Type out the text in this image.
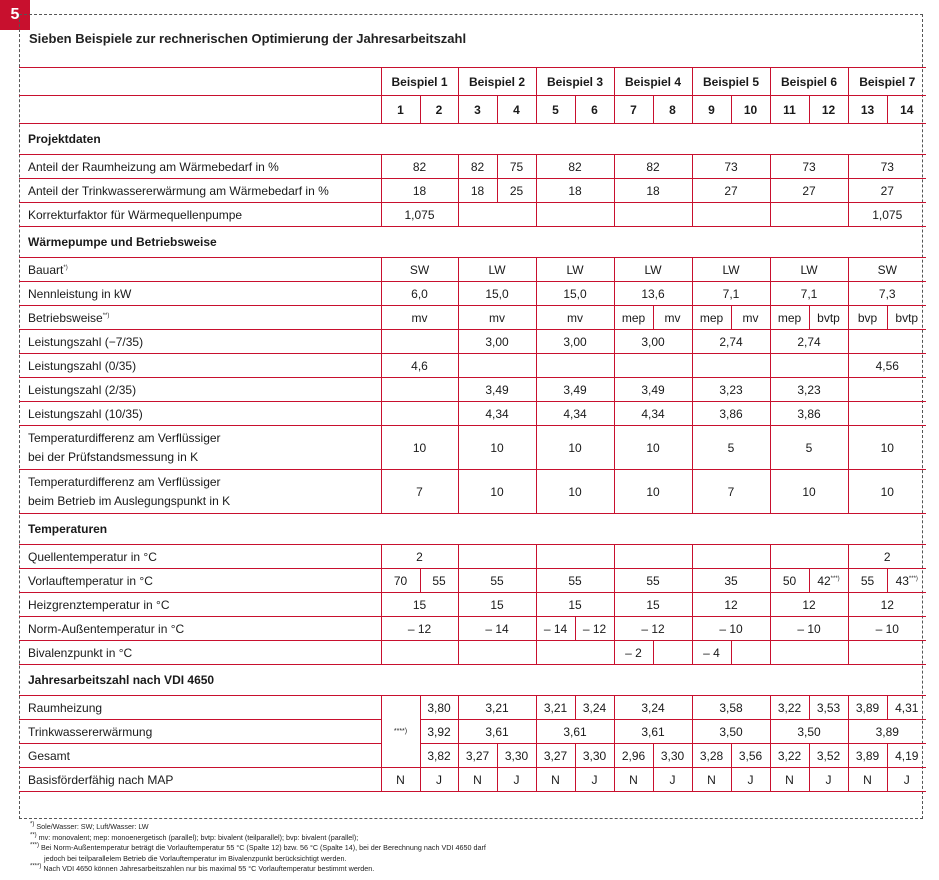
5
Sieben Beispiele zur rechnerischen Optimierung der Jahresarbeitszahl
	Beispiel 1		Beispiel 2		Beispiel 3		Beispiel 4		Beispiel 5		Beispiel 6		Beispiel 7	
	1	2	3	4	5	6	7	8	9	10	11	12	13	14
Projektdaten														
Anteil der Raumheizung am Wärmebedarf in %	82		82	75	82		82		73		73		73	
Anteil der Trinkwassererwärmung am Wärmebedarf in %	18		18	25	18		18		27		27		27	
Korrekturfaktor für Wärmequellenpumpe	1,075												1,075	
Wärmepumpe und Betriebsweise														
Bauart*)	SW		LW		LW		LW		LW		LW		SW	
Nennleistung in kW	6,0		15,0		15,0		13,6		7,1		7,1		7,3	
Betriebsweise**)	mv		mv		mv		mep	mv	mep	mv	mep	bvtp	bvp	bvtp
Leistungszahl (−7/35)			3,00		3,00		3,00		2,74		2,74			
Leistungszahl (0/35)	4,6												4,56	
Leistungszahl (2/35)			3,49		3,49		3,49		3,23		3,23			
Leistungszahl (10/35)			4,34		4,34		4,34		3,86		3,86			
Temperaturdifferenz am Verflüssiger
bei der Prüfstandsmessung in K	10		10		10		10		5		5		10	
Temperaturdifferenz am Verflüssiger
beim Betrieb im Auslegungspunkt in K	7		10		10		10		7		10		10	
Temperaturen														
Quellentemperatur in °C	2												2	
Vorlauftemperatur in °C	70	55	55		55		55		35		50	42***)	55	43***)
Heizgrenztemperatur in °C	15		15		15		15		12		12		12	
Norm-Außentemperatur in °C	– 12		– 14		– 14	– 12	– 12		– 10		– 10		– 10	
Bivalenzpunkt in °C							– 2		– 4					
Jahresarbeitszahl nach VDI 4650														
Raumheizung	****)	3,80	3,21		3,21	3,24	3,24		3,58		3,22	3,53	3,89	4,31
Trinkwassererwärmung		3,92	3,61		3,61		3,61		3,50		3,50		3,89	
Gesamt		3,82	3,27	3,30	3,27	3,30	2,96	3,30	3,28	3,56	3,22	3,52	3,89	4,19
Basisförderfähig nach MAP	N	J	N	J	N	J	N	J	N	J	N	J	N	J
*) Sole/Wasser: SW; Luft/Wasser: LW
**) mv: monovalent; mep: monoenergetisch (parallel); bvtp: bivalent (teilparallel); bvp: bivalent (parallel);
***) Bei Norm-Außentemperatur beträgt die Vorlauftemperatur 55 °C (Spalte 12) bzw. 56 °C (Spalte 14), bei der Berechnung nach VDI 4650 darf
jedoch bei teilparallelem Betrieb die Vorlauftemperatur im Bivalenzpunkt berücksichtigt werden.
****) Nach VDI 4650 können Jahresarbeitszahlen nur bis maximal 55 °C Vorlauftemperatur bestimmt werden.
